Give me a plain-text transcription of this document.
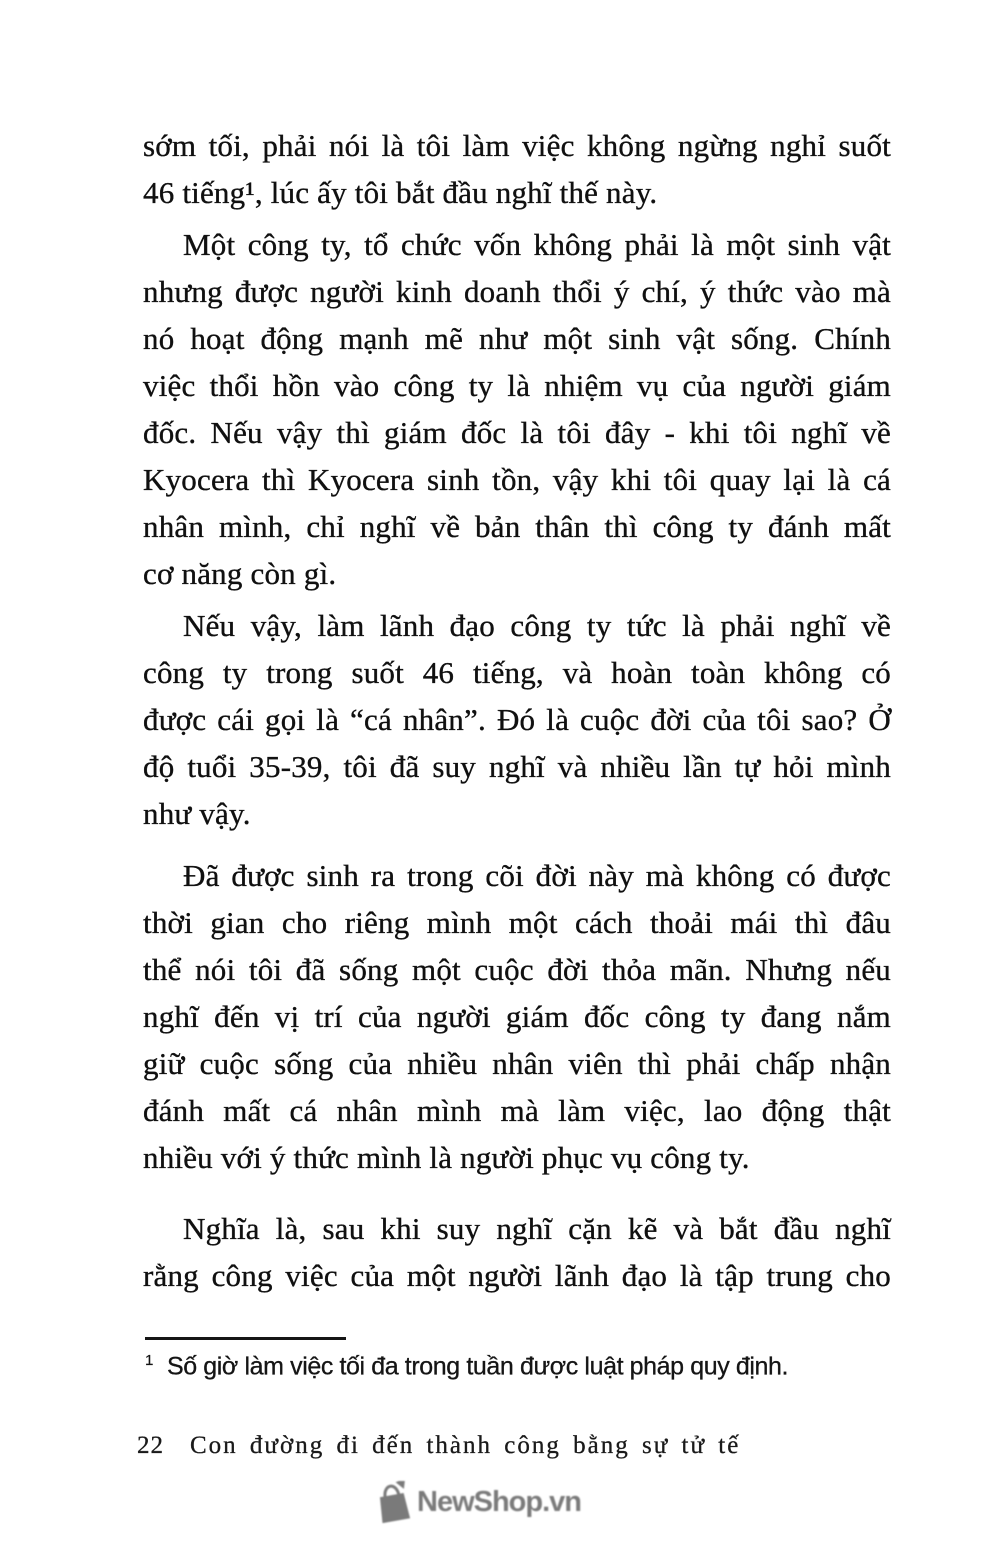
sớm tối, phải nói là tôi làm việc không ngừng nghỉ suốt
46 tiếng¹, lúc ấy tôi bắt đầu nghĩ thế này.
Một công ty, tổ chức vốn không phải là một sinh vật
nhưng được người kinh doanh thổi ý chí, ý thức vào mà
nó hoạt động mạnh mẽ như một sinh vật sống. Chính
việc thổi hồn vào công ty là nhiệm vụ của người giám
đốc. Nếu vậy thì giám đốc là tôi đây - khi tôi nghĩ về
Kyocera thì Kyocera sinh tồn, vậy khi tôi quay lại là cá
nhân mình, chỉ nghĩ về bản thân thì công ty đánh mất
cơ năng còn gì.
Nếu vậy, làm lãnh đạo công ty tức là phải nghĩ về
công ty trong suốt 46 tiếng, và hoàn toàn không có
được cái gọi là “cá nhân”. Đó là cuộc đời của tôi sao? Ở
độ tuổi 35-39, tôi đã suy nghĩ và nhiều lần tự hỏi mình
như vậy.
Đã được sinh ra trong cõi đời này mà không có được
thời gian cho riêng mình một cách thoải mái thì đâu
thể nói tôi đã sống một cuộc đời thỏa mãn. Nhưng nếu
nghĩ đến vị trí của người giám đốc công ty đang nắm
giữ cuộc sống của nhiều nhân viên thì phải chấp nhận
đánh mất cá nhân mình mà làm việc, lao động thật
nhiều với ý thức mình là người phục vụ công ty.
Nghĩa là, sau khi suy nghĩ cặn kẽ và bắt đầu nghĩ
rằng công việc của một người lãnh đạo là tập trung cho
$^1$ Số giờ làm việc tối đa trong tuần được luật pháp quy định.
22 Con đường đi đến thành công bằng sự tử tế
NewShop.vn
